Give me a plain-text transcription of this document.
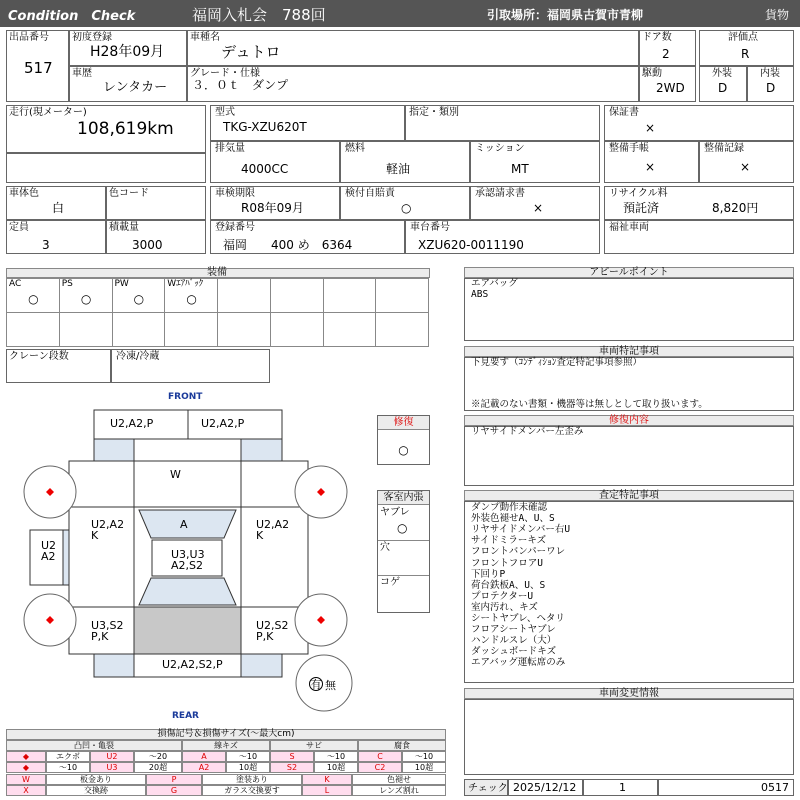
Condition　Check	福岡入札会　788回	引取場所：福岡県古賀市青柳	貨物
出品番号
517
初度登録
H28年09月
車種名
デュトロ
ドア数
2
評価点
R
車歴
レンタカー
グレード・仕様
３．０ｔ　ダンプ
駆動
2WD
外装
D
内装
D
走行(現メーター)
108,619km
型式
TKG-XZU620T
指定・類別	保証書
×
排気量
4000CC
燃料
軽油
ミッション
MT
整備手帳
×
整備記録
×
車体色
白
色コード	車検期限
R08年09月
検付自賠責
○
承認請求書
×
リサイクル料
預託済	8,820円
定員
3
積載量
3000
登録番号
福岡　　400 め　6364
車台番号
XZU620-0011190
福祉車両
装備
AC
○
PS
○
PW
○
Wｴｱﾊﾞｯｸ
○
クレーン段数	冷凍/冷蔵
アピールポイント
エアバッグ
ABS
車両特記事項
下見要す（ｺﾝﾃﾞｨｼｮﾝ査定特記事項参照）
※記載のない書類・機器等は無しとして取り扱います。
修復内容
リヤサイドメンバー左歪み
査定特記事項
ダンプ動作未確認
外装色褪せA、U、S
リヤサイドメンバー右U
サイドミラーキズ
フロントバンパーワレ
フロントフロアU
下回りP
荷台鉄板A、U、S
プロテクターU
室内汚れ、キズ
シートヤブレ、ヘタリ
フロアシートヤブレ
ハンドルスレ（大）
ダッシュボードキズ
エアバッグ運転席のみ
車両変更情報
チェック 2025/12/12	1	0517
修復
○
客室内張
ヤブレ
○
穴
コゲ
FRONT
REAR
U2,A2,P	U2,A2,P
W
A
U2,A2
K
U2,A2
K
U2
A2	U3,U3
A2,S2
U3,S2
P,K
U2,S2
P,K
U2,A2,S2,P
有 無
損傷記号＆損傷サイズ(〜最大cm)
凸凹・亀裂
◆	エクボ	U2	〜20
◆	〜10	U3	20超
線キズ
A	〜10
A2	10超
サビ
S	〜10
S2	10超
腐食
C	〜10
C2	10超
W	板金あり	P	塗装あり	K	色褪せ
X	交換跡	G	ガラス交換要す	L	レンズ割れ
